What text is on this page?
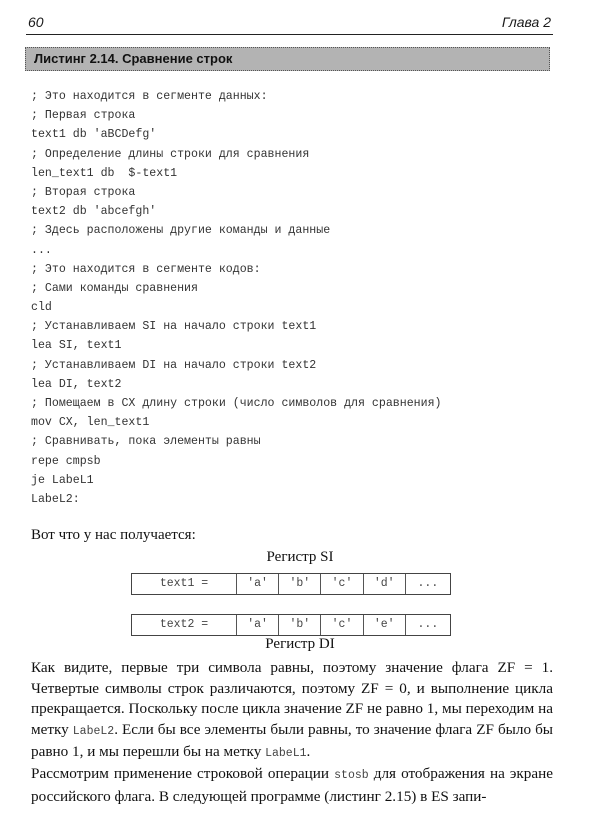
60	Глава 2
Листинг 2.14. Сравнение строк
; Это находится в сегменте данных:
; Первая строка
text1 db 'aBCDefg'
; Определение длины строки для сравнения
len_text1 db  $-text1
; Вторая строка
text2 db 'abcefgh'
; Здесь расположены другие команды и данные
...
; Это находится в сегменте кодов:
; Сами команды сравнения
cld
; Устанавливаем SI на начало строки text1
lea SI, text1
; Устанавливаем DI на начало строки text2
lea DI, text2
; Помещаем в CX длину строки (число символов для сравнения)
mov CX, len_text1
; Сравнивать, пока элементы равны
repe cmpsb
je LabeL1
LabeL2:
Вот что у нас получается:
Регистр SI
text1 =	'a'	'b'	'c'	'd'	...
text2 =	'a'	'b'	'c'	'e'	...
Регистр DI

Как видите, первые три символа равны, поэтому значение флага ZF = 1. Четвертые символы строк различаются, поэтому ZF = 0, и выполнение цикла прекращается. Поскольку после цикла значение ZF не равно 1, мы переходим на метку LabeL2. Если бы все элементы были равны, то значение флага ZF было бы равно 1, и мы перешли бы на метку LabeL1.

Рассмотрим применение строковой операции stosb для отображения на экране российского флага. В следующей программе (листинг 2.15) в ES запи-
